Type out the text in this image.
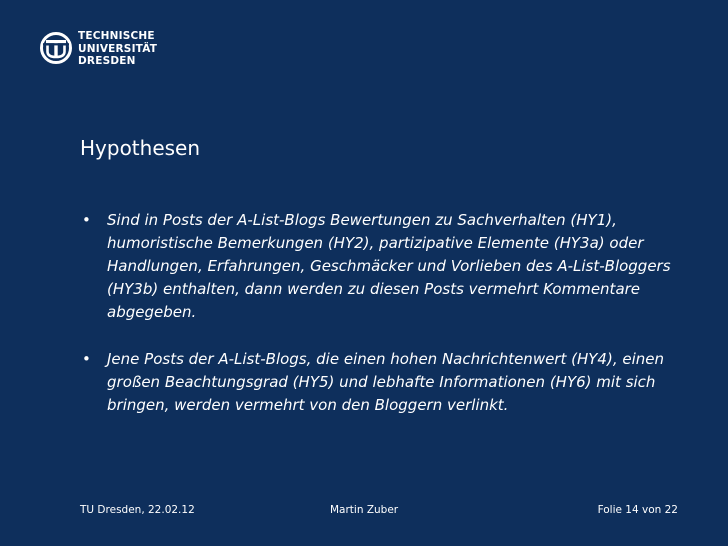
TECHNISCHE
UNIVERSITÄT
DRESDEN
Hypothesen
• Sind in Posts der A-List-Blogs Bewertungen zu Sachverhalten (HY1), humoristische Bemerkungen (HY2), partizipative Elemente (HY3a) oder Handlungen, Erfahrungen, Geschmäcker und Vorlieben des A-List-Bloggers (HY3b) enthalten, dann werden zu diesen Posts vermehrt Kommentare abgegeben.
• Jene Posts der A-List-Blogs, die einen hohen Nachrichtenwert (HY4), einen großen Beachtungsgrad (HY5) und lebhafte Informationen (HY6) mit sich bringen, werden vermehrt von den Bloggern verlinkt.
TU Dresden, 22.02.12	Martin Zuber	Folie 14 von 22
